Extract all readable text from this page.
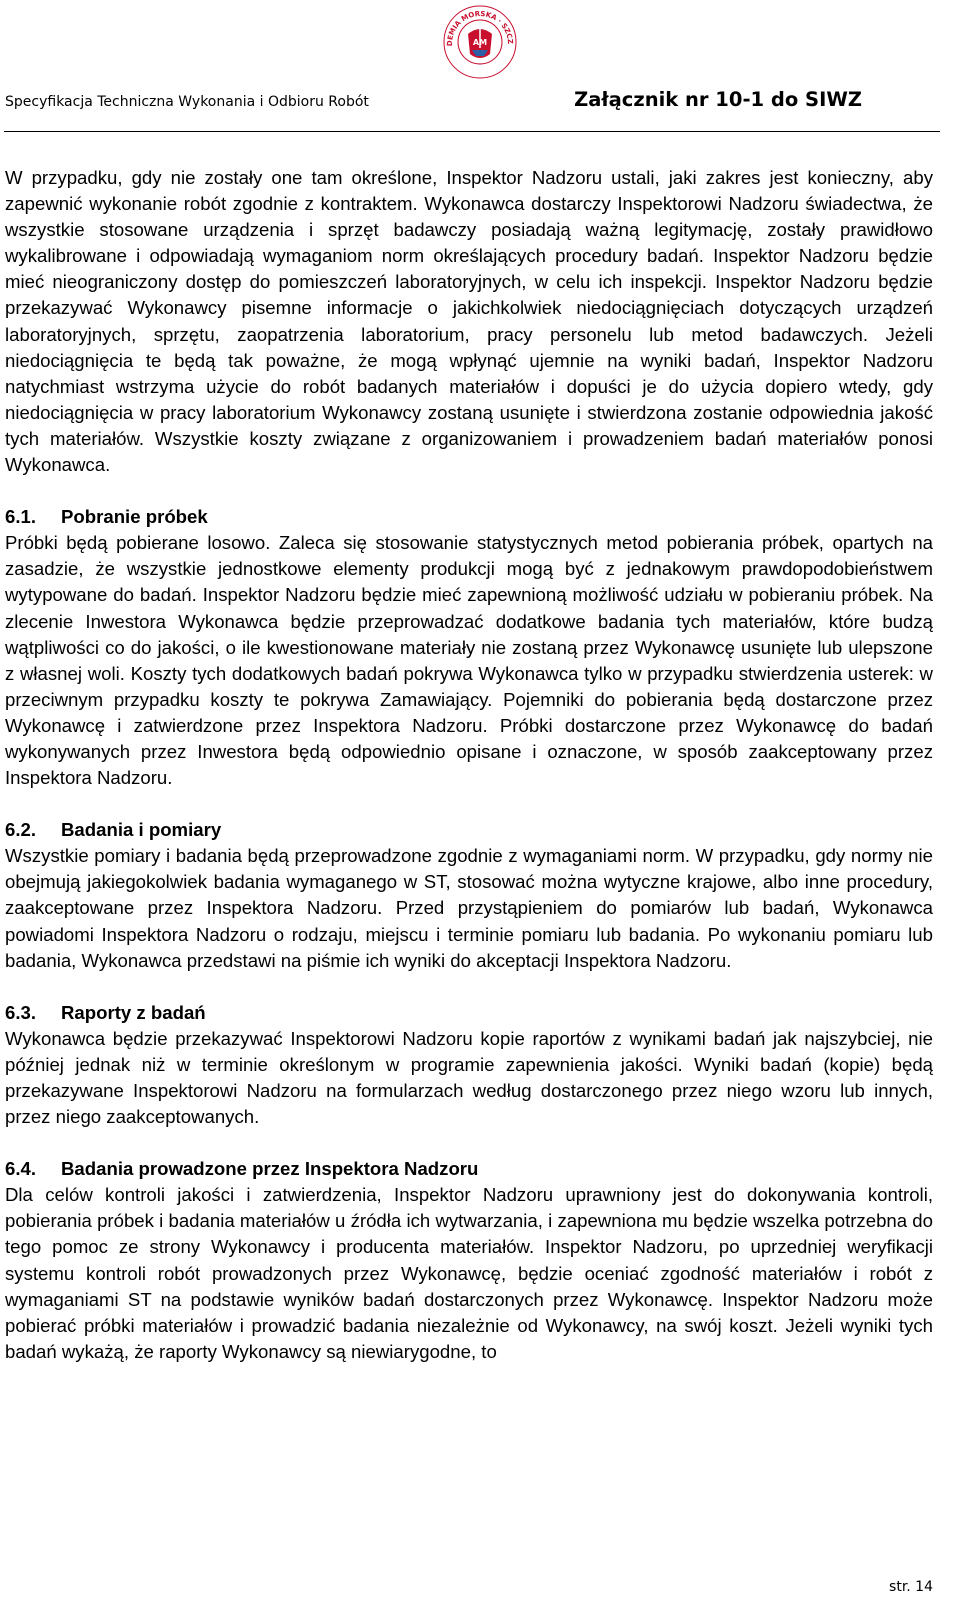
DEMIA MORSKA · SZCZ
AM
Specyfikacja Techniczna Wykonania i Odbioru Robót	Załącznik nr 10-1 do SIWZ

W przypadku, gdy nie zostały one tam określone, Inspektor Nadzoru ustali, jaki zakres jest konieczny, aby zapewnić wykonanie robót zgodnie z kontraktem. Wykonawca dostarczy Inspektorowi Nadzoru świadectwa, że wszystkie stosowane urządzenia i sprzęt badawczy posiadają ważną legitymację, zostały prawidłowo wykalibrowane i odpowiadają wymaganiom norm określających procedury badań. Inspektor Nadzoru będzie mieć nieograniczony dostęp do pomieszczeń laboratoryjnych, w celu ich inspekcji. Inspektor Nadzoru będzie przekazywać Wykonawcy pisemne informacje o jakichkolwiek niedociągnięciach dotyczących urządzeń laboratoryjnych, sprzętu, zaopatrzenia laboratorium, pracy personelu lub metod badawczych. Jeżeli niedociągnięcia te będą tak poważne, że mogą wpłynąć ujemnie na wyniki badań, Inspektor Nadzoru natychmiast wstrzyma użycie do robót badanych materiałów i dopuści je do użycia dopiero wtedy, gdy niedociągnięcia w pracy laboratorium Wykonawcy zostaną usunięte i stwierdzona zostanie odpowiednia jakość tych materiałów. Wszystkie koszty związane z organizowaniem i prowadzeniem badań materiałów ponosi Wykonawca.

6.1. Pobranie próbek

Próbki będą pobierane losowo. Zaleca się stosowanie statystycznych metod pobierania próbek, opartych na zasadzie, że wszystkie jednostkowe elementy produkcji mogą być z jednakowym prawdopodobieństwem wytypowane do badań. Inspektor Nadzoru będzie mieć zapewnioną możliwość udziału w pobieraniu próbek. Na zlecenie Inwestora Wykonawca będzie przeprowadzać dodatkowe badania tych materiałów, które budzą wątpliwości co do jakości, o ile kwestionowane materiały nie zostaną przez Wykonawcę usunięte lub ulepszone z własnej woli. Koszty tych dodatkowych badań pokrywa Wykonawca tylko w przypadku stwierdzenia usterek: w przeciwnym przypadku koszty te pokrywa Zamawiający. Pojemniki do pobierania będą dostarczone przez Wykonawcę i zatwierdzone przez Inspektora Nadzoru. Próbki dostarczone przez Wykonawcę do badań wykonywanych przez Inwestora będą odpowiednio opisane i oznaczone, w sposób zaakceptowany przez Inspektora Nadzoru.

6.2. Badania i pomiary

Wszystkie pomiary i badania będą przeprowadzone zgodnie z wymaganiami norm. W przypadku, gdy normy nie obejmują jakiegokolwiek badania wymaganego w ST, stosować można wytyczne krajowe, albo inne procedury, zaakceptowane przez Inspektora Nadzoru. Przed przystąpieniem do pomiarów lub badań, Wykonawca powiadomi Inspektora Nadzoru o rodzaju, miejscu i terminie pomiaru lub badania. Po wykonaniu pomiaru lub badania, Wykonawca przedstawi na piśmie ich wyniki do akceptacji Inspektora Nadzoru.

6.3. Raporty z badań

Wykonawca będzie przekazywać Inspektorowi Nadzoru kopie raportów z wynikami badań jak najszybciej, nie później jednak niż w terminie określonym w programie zapewnienia jakości. Wyniki badań (kopie) będą przekazywane Inspektorowi Nadzoru na formularzach według dostarczonego przez niego wzoru lub innych, przez niego zaakceptowanych.

6.4. Badania prowadzone przez Inspektora Nadzoru

Dla celów kontroli jakości i zatwierdzenia, Inspektor Nadzoru uprawniony jest do dokonywania kontroli, pobierania próbek i badania materiałów u źródła ich wytwarzania, i zapewniona mu będzie wszelka potrzebna do tego pomoc ze strony Wykonawcy i producenta materiałów. Inspektor Nadzoru, po uprzedniej weryfikacji systemu kontroli robót prowadzonych przez Wykonawcę, będzie oceniać zgodność materiałów i robót z wymaganiami ST na podstawie wyników badań dostarczonych przez Wykonawcę. Inspektor Nadzoru może pobierać próbki materiałów i prowadzić badania niezależnie od Wykonawcy, na swój koszt. Jeżeli wyniki tych badań wykażą, że raporty Wykonawcy są niewiarygodne, to

str. 14
